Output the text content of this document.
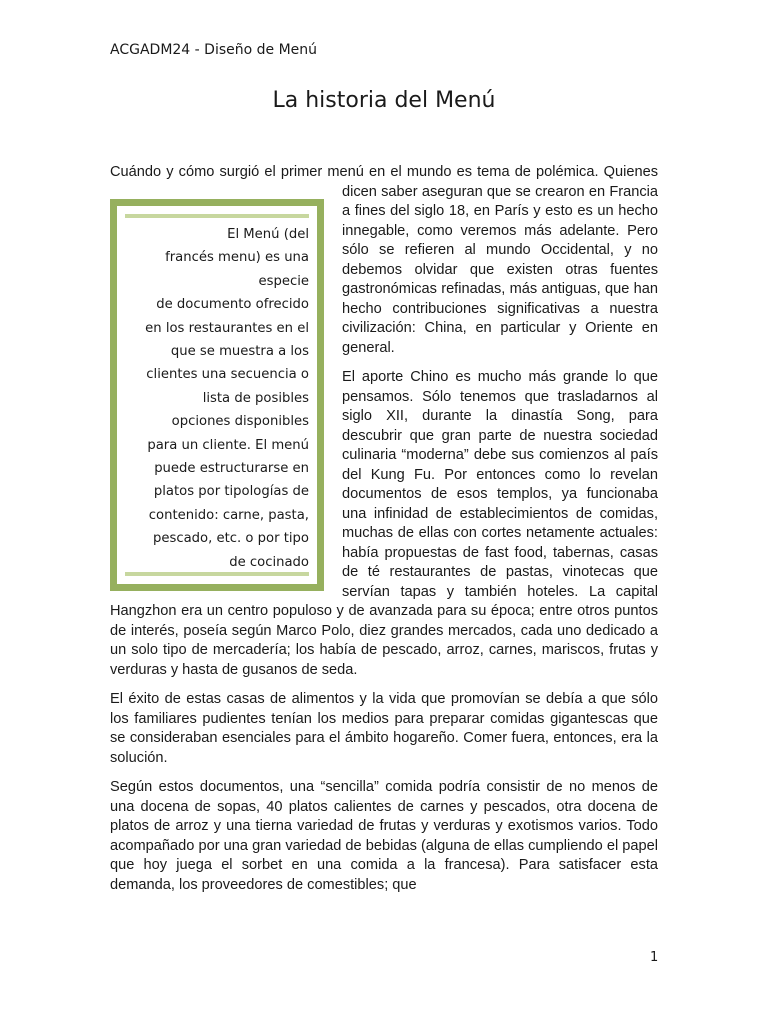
ACGADM24 - Diseño de Menú
La historia del Menú
El Menú (del
francés menu) es una
especie
de documento ofrecido
en los restaurantes en el
que se muestra a los
clientes una secuencia o
lista de posibles
opciones disponibles
para un cliente. El menú
puede estructurarse en
platos por tipologías de
contenido: carne, pasta,
pescado, etc. o por tipo
de cocinado

Cuándo y cómo surgió el primer menú en el mundo es tema de polémica. Quienes dicen saber aseguran que se crearon en Francia a fines del siglo 18, en París y esto es un hecho innegable, como veremos más adelante. Pero sólo se refieren al mundo Occidental, y no debemos olvidar que existen otras fuentes gastronómicas refinadas, más antiguas, que han hecho contribuciones significativas a nuestra civilización: China, en particular y Oriente en general.

El aporte Chino es mucho más grande lo que pensamos. Sólo tenemos que trasladarnos al siglo XII, durante la dinastía Song, para descubrir que gran parte de nuestra sociedad culinaria “moderna” debe sus comienzos al país del Kung Fu. Por entonces como lo revelan documentos de esos templos, ya funcionaba una infinidad de establecimientos de comidas, muchas de ellas con cortes netamente actuales: había propuestas de fast food, tabernas, casas de té restaurantes de pastas, vinotecas que servían tapas y también hoteles. La capital Hangzhon era un centro populoso y de avanzada para su época; entre otros puntos de interés, poseía según Marco Polo, diez grandes mercados, cada uno dedicado a un solo tipo de mercadería; los había de pescado, arroz, carnes, mariscos, frutas y verduras y hasta de gusanos de seda.

El éxito de estas casas de alimentos y la vida que promovían se debía a que sólo los familiares pudientes tenían los medios para preparar comidas gigantescas que se consideraban esenciales para el ámbito hogareño. Comer fuera, entonces, era la solución.

Según estos documentos, una “sencilla” comida podría consistir de no menos de una docena de sopas, 40 platos calientes de carnes y pescados, otra docena de platos de arroz y una tierna variedad de frutas y verduras y exotismos varios. Todo acompañado por una gran variedad de bebidas (alguna de ellas cumpliendo el papel que hoy juega el sorbet en una comida a la francesa). Para satisfacer esta demanda, los proveedores de comestibles; que

1
